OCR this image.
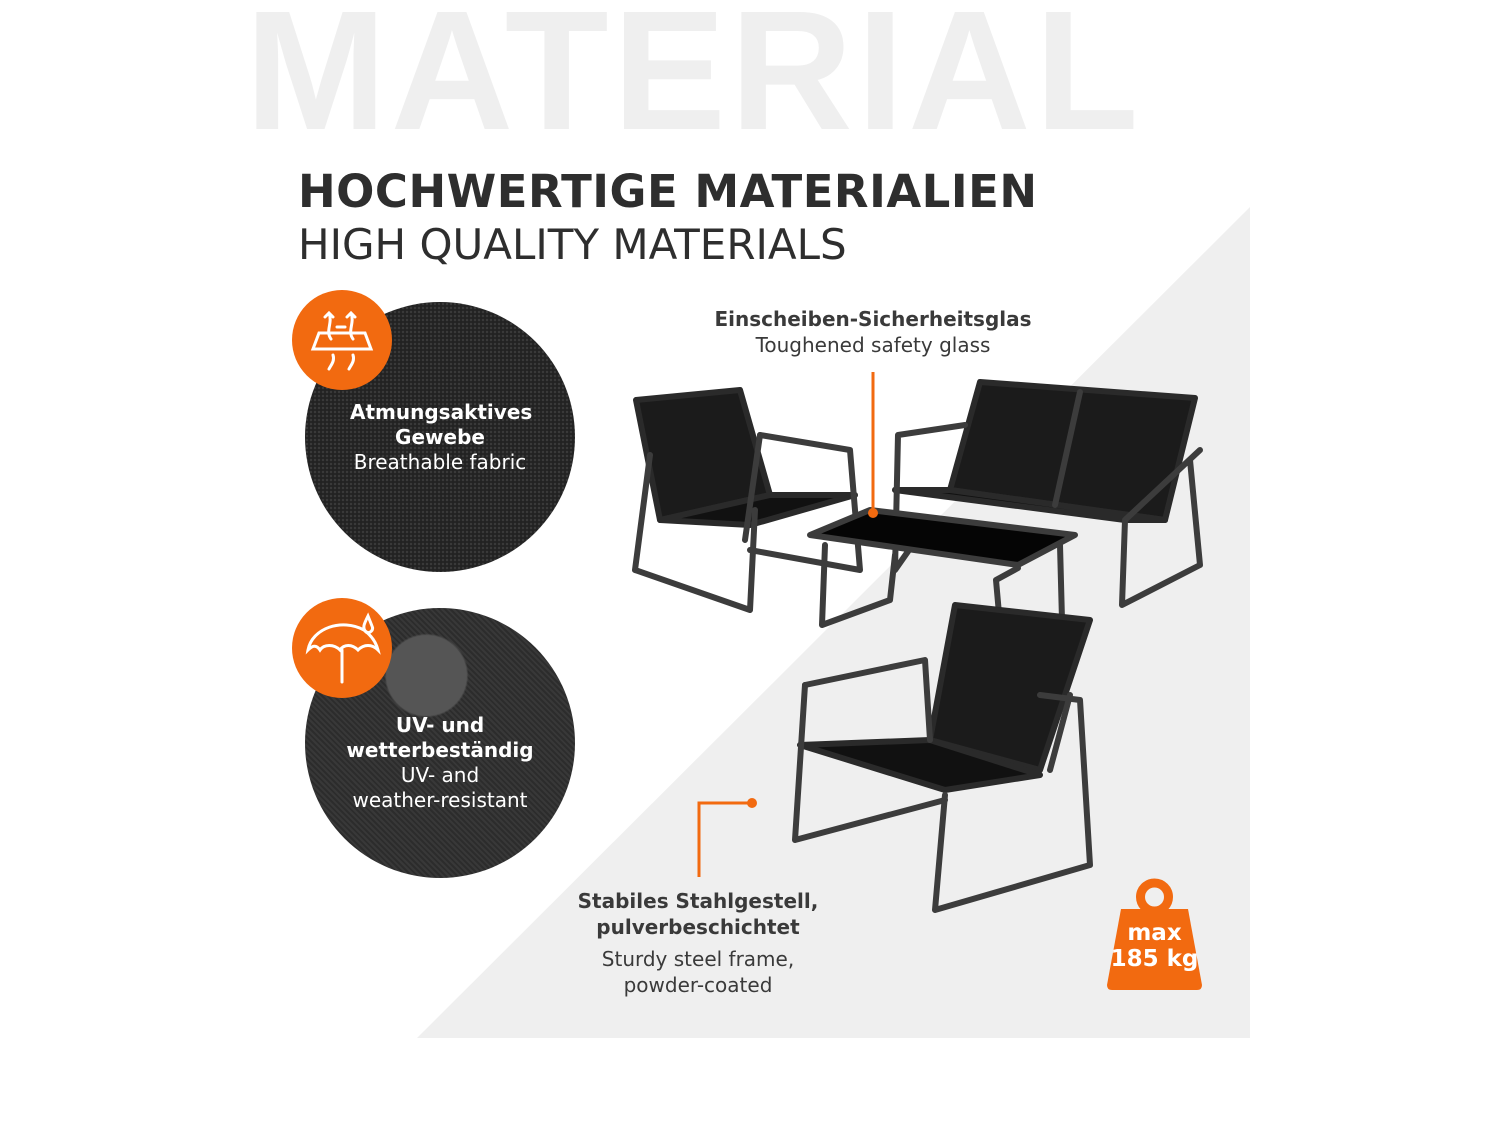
MATERIAL
HOCHWERTIGE MATERIALIEN
HIGH QUALITY MATERIALS
Atmungsaktives Gewebe
Breathable fabric
UV- und
wetterbeständig
UV- and
weather-resistant
Einscheiben-Sicherheitsglas
Toughened safety glass
Stabiles Stahlgestell,
pulverbeschichtet
Sturdy steel frame,
powder-coated
max
185 kg
